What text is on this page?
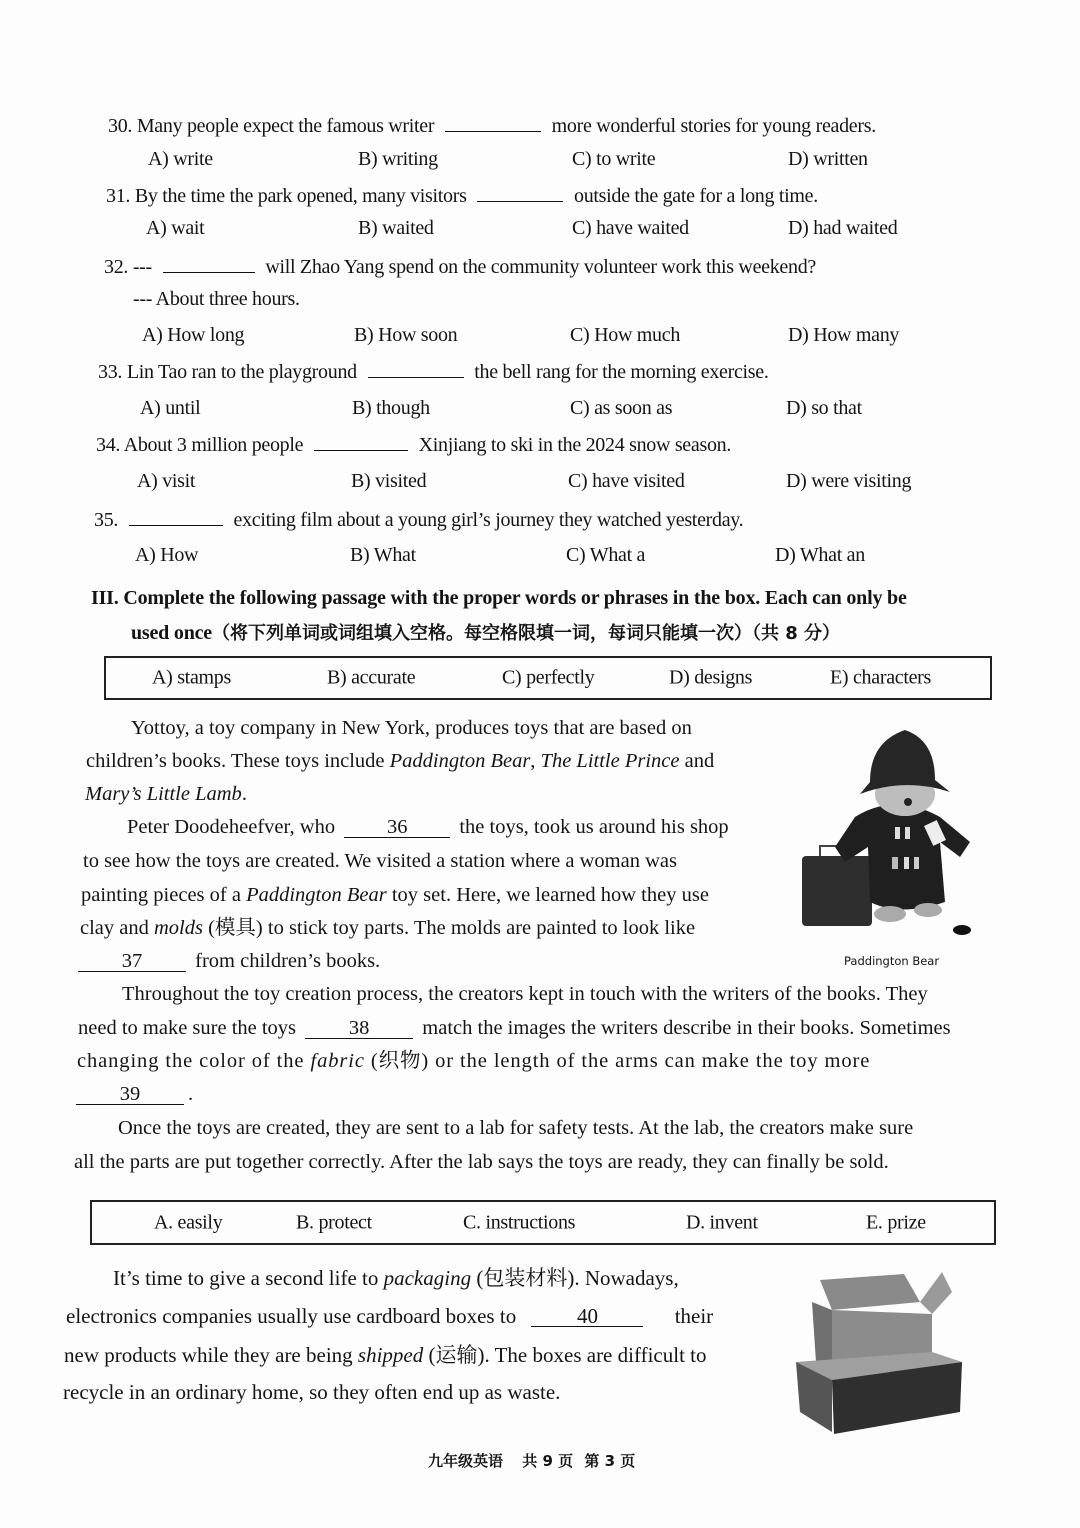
30. Many people expect the famous writer	more wonderful stories for young readers.
A) write	B) writing	C) to write	D) written
31. By the time the park opened, many visitors	outside the gate for a long time.
A) wait	B) waited	C) have waited	D) had waited
32. ---	will Zhao Yang spend on the community volunteer work this weekend?
--- About three hours.
A) How long	B) How soon	C) How much	D) How many
33. Lin Tao ran to the playground	the bell rang for the morning exercise.
A) until	B) though	C) as soon as	D) so that
34. About 3 million people	Xinjiang to ski in the 2024 snow season.
A) visit	B) visited	C) have visited	D) were visiting
35.	exciting film about a young girl’s journey they watched yesterday.
A) How	B) What	C) What a	D) What an
III. Complete the following passage with the proper words or phrases in the box. Each can only be
used once（将下列单词或词组填入空格。每空格限填一词，每词只能填一次）（共 8 分）
A) stamps	B) accurate	C) perfectly	D) designs	E) characters
Yottoy, a toy company in New York, produces toys that are based on
children’s books. These toys include Paddington Bear, The Little Prince and
Mary’s Little Lamb.
Peter Doodeheefver, who	36	the toys, took us around his shop
to see how the toys are created. We visited a station where a woman was
painting pieces of a Paddington Bear toy set. Here, we learned how they use
clay and molds (模具) to stick toy parts. The molds are painted to look like
37	from children’s books.	Paddington Bear
Throughout the toy creation process, the creators kept in touch with the writers of the books. They
need to make sure the toys	38	match the images the writers describe in their books. Sometimes
changing the color of the fabric (织物) or the length of the arms can make the toy more
39 .
Once the toys are created, they are sent to a lab for safety tests. At the lab, the creators make sure
all the parts are put together correctly. After the lab says the toys are ready, they can finally be sold.
A. easily	B. protect	C. instructions	D. invent	E. prize
It’s time to give a second life to packaging (包装材料). Nowadays,
electronics companies usually use cardboard boxes to	40	their
new products while they are being shipped (运输). The boxes are difficult to
recycle in an ordinary home, so they often end up as waste.
九年级英语 共 9 页 第 3 页
